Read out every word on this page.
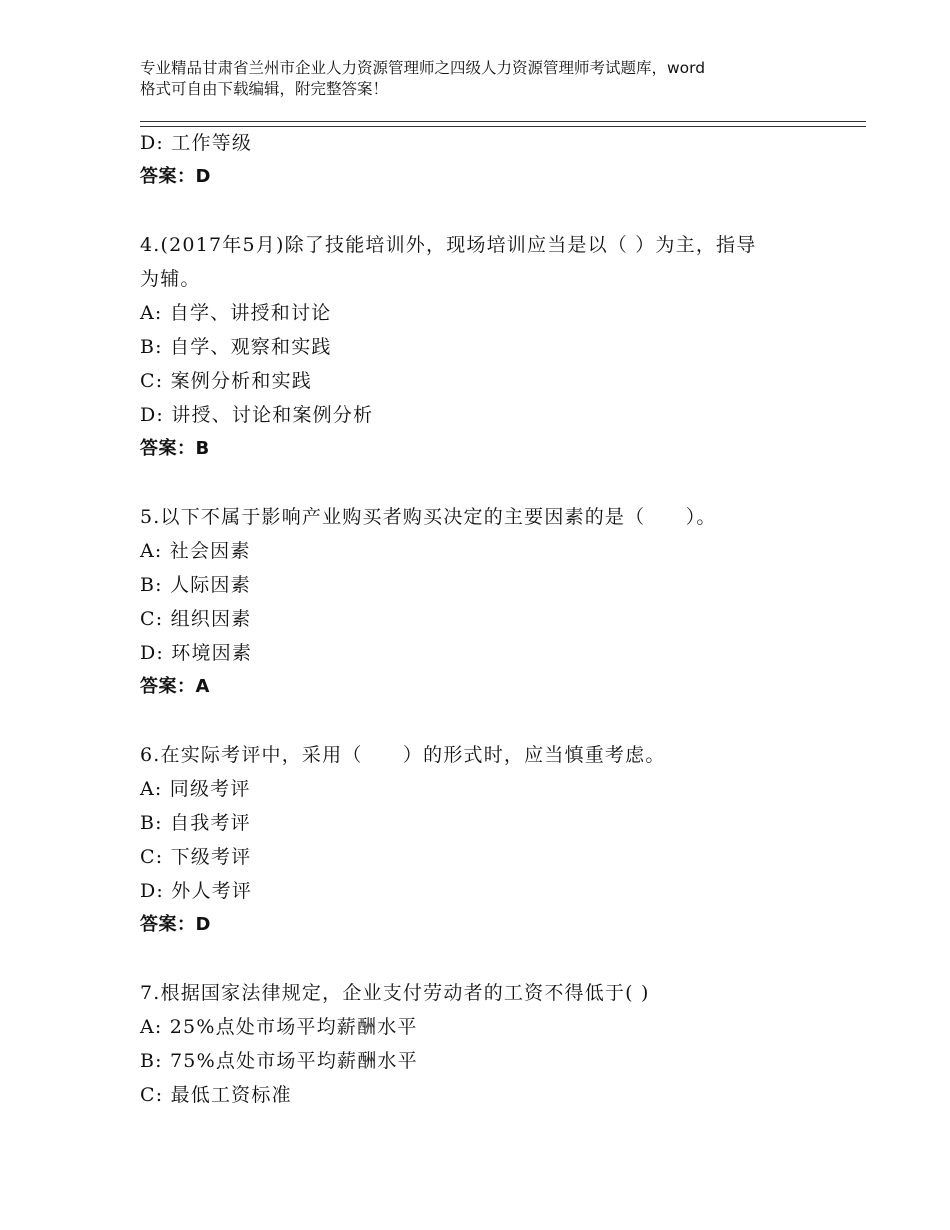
专业精品甘肃省兰州市企业人力资源管理师之四级人力资源管理师考试题库，word
格式可自由下载编辑，附完整答案！
D: 工作等级
答案：D
4.(2017年5月)除了技能培训外，现场培训应当是以（ ）为主，指导
为辅。
A: 自学、讲授和讨论
B: 自学、观察和实践
C: 案例分析和实践
D: 讲授、讨论和案例分析
答案：B
5.以下不属于影响产业购买者购买决定的主要因素的是（　　）。
A: 社会因素
B: 人际因素
C: 组织因素
D: 环境因素
答案：A
6.在实际考评中，采用（　　）的形式时，应当慎重考虑。
A: 同级考评
B: 自我考评
C: 下级考评
D: 外人考评
答案：D
7.根据国家法律规定，企业支付劳动者的工资不得低于( )
A: 25%点处市场平均薪酬水平
B: 75%点处市场平均薪酬水平
C: 最低工资标准
